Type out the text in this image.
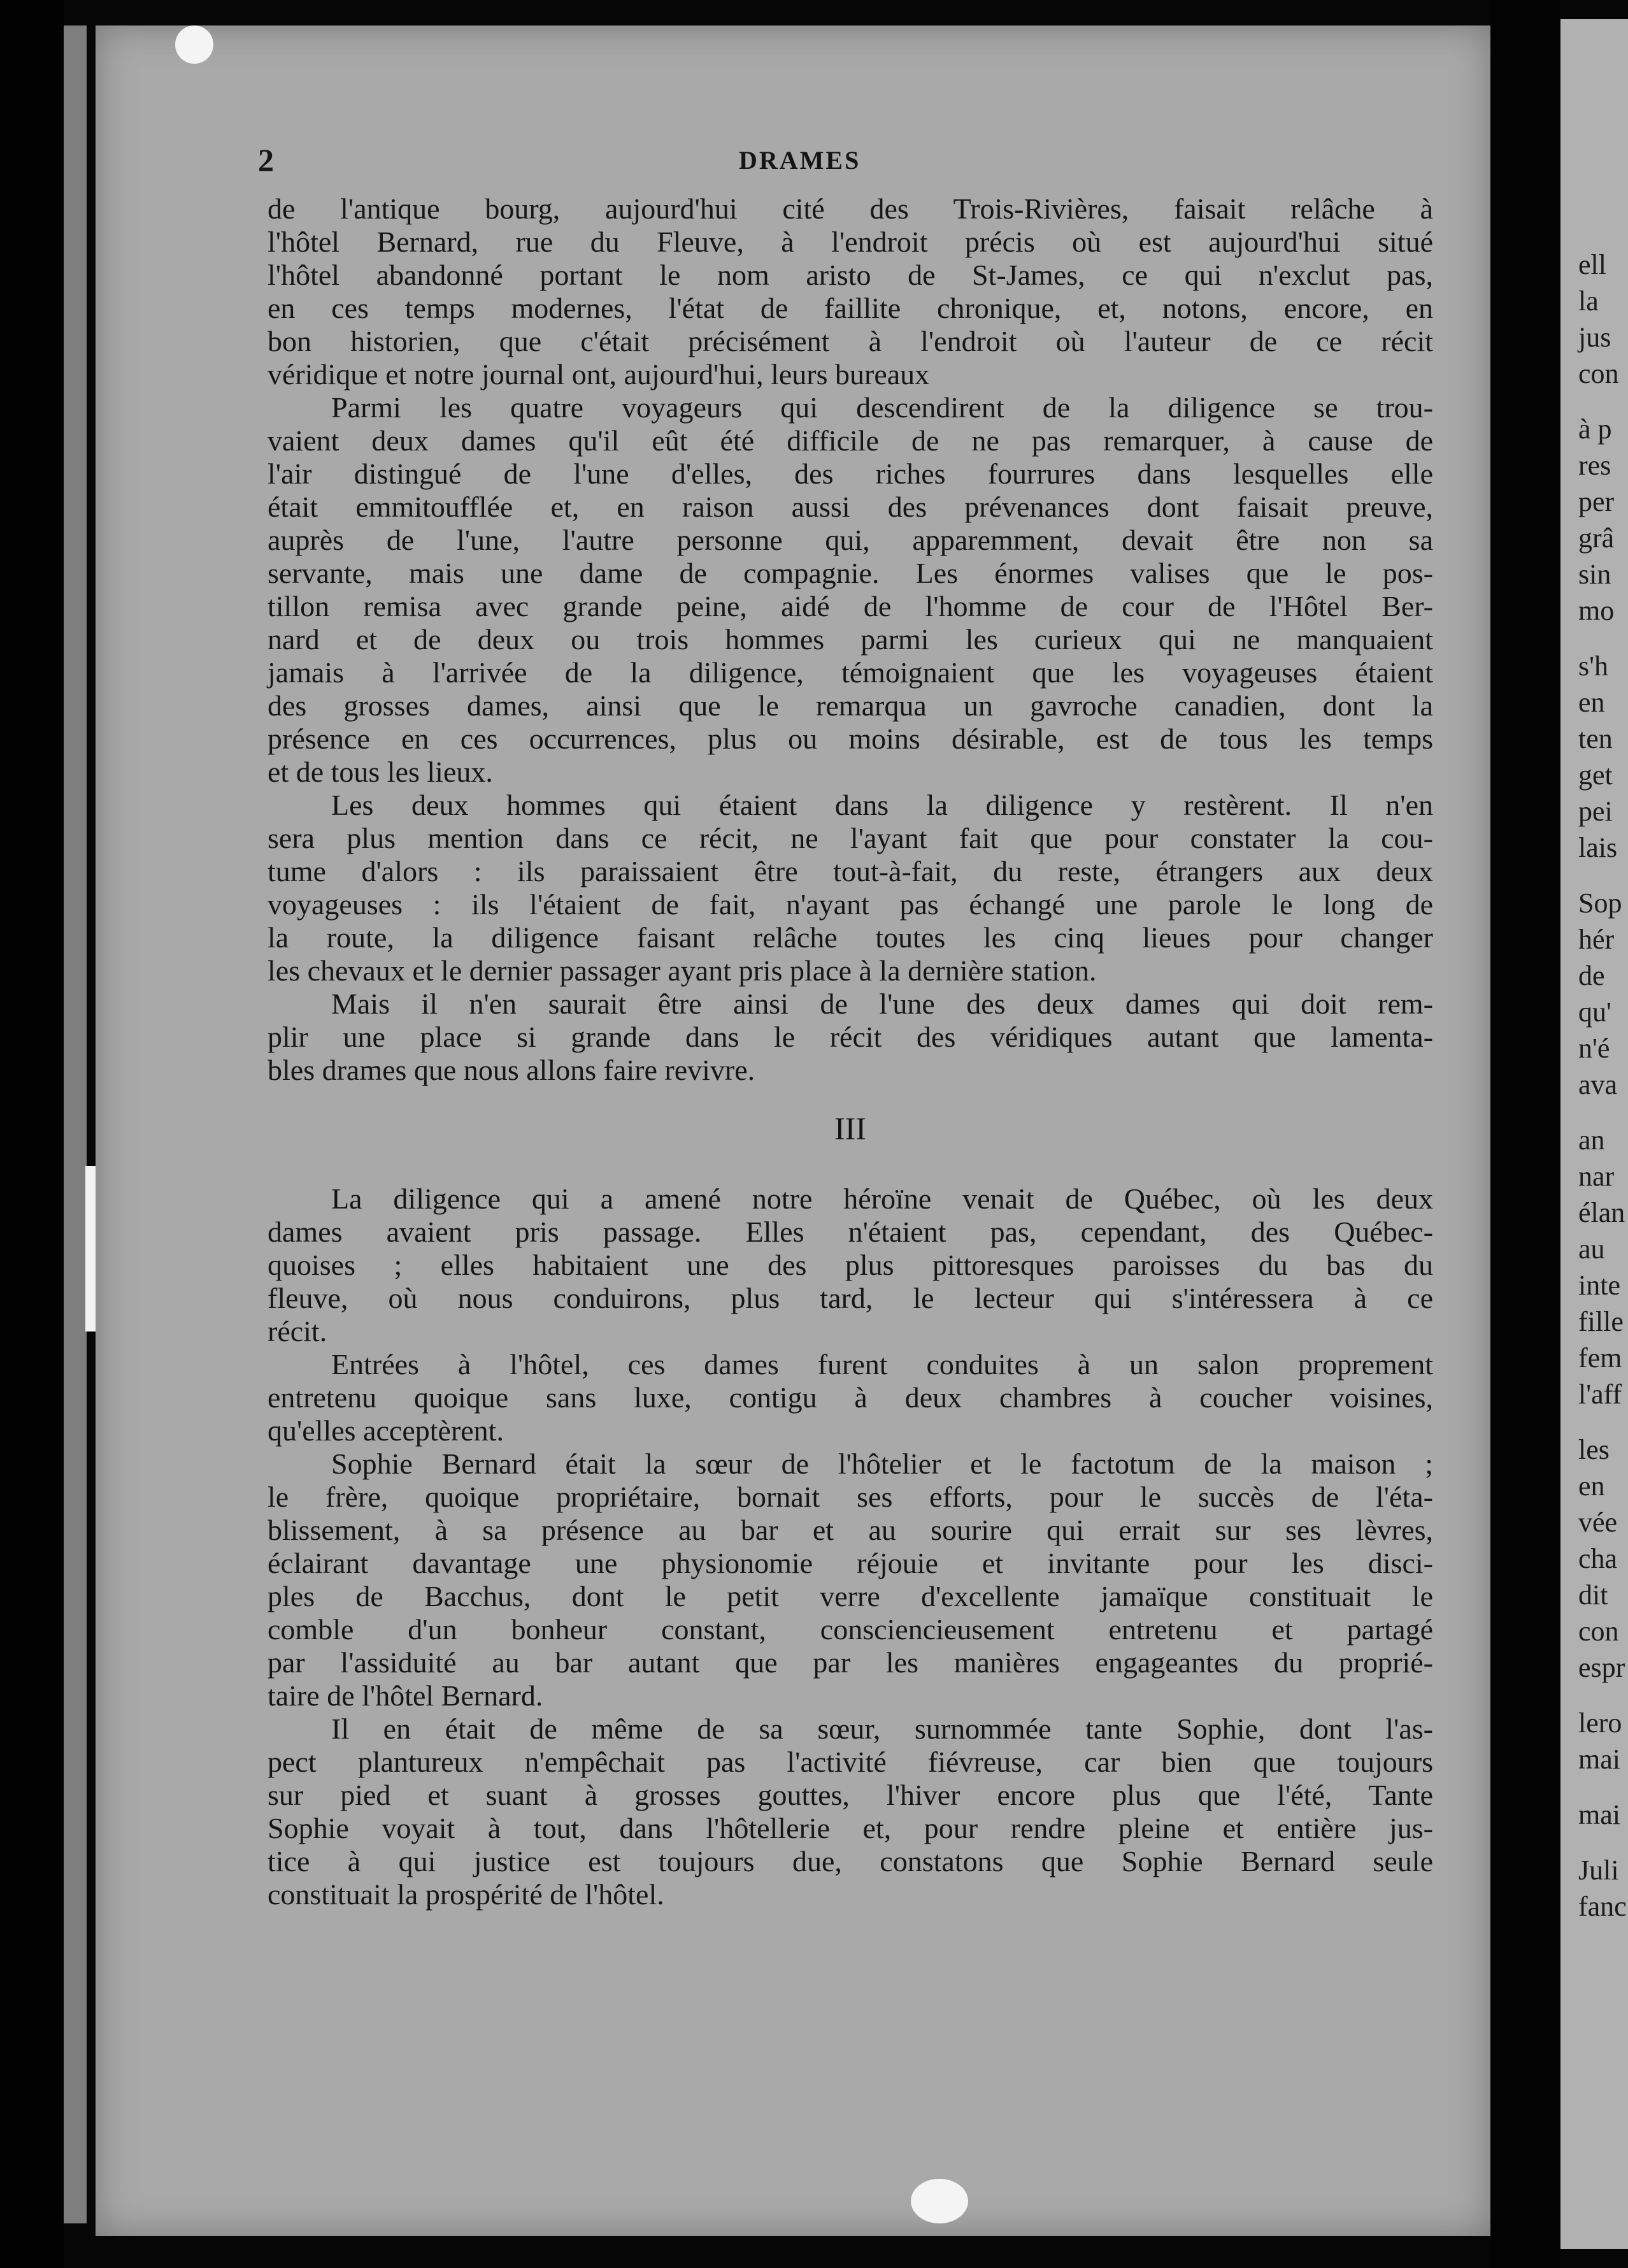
2	DRAMES
de l'antique bourg, aujourd'hui cité des Trois-Rivières, faisait relâche à
l'hôtel Bernard, rue du Fleuve, à l'endroit précis où est aujourd'hui situé
l'hôtel abandonné portant le nom aristo de St-James, ce qui n'exclut pas,
en ces temps modernes, l'état de faillite chronique, et, notons, encore, en
bon historien, que c'était précisément à l'endroit où l'auteur de ce récit
véridique et notre journal ont, aujourd'hui, leurs bureaux
Parmi les quatre voyageurs qui descendirent de la diligence se trou-
vaient deux dames qu'il eût été difficile de ne pas remarquer, à cause de
l'air distingué de l'une d'elles, des riches fourrures dans lesquelles elle
était emmitoufflée et, en raison aussi des prévenances dont faisait preuve,
auprès de l'une, l'autre personne qui, apparemment, devait être non sa
servante, mais une dame de compagnie. Les énormes valises que le pos-
tillon remisa avec grande peine, aidé de l'homme de cour de l'Hôtel Ber-
nard et de deux ou trois hommes parmi les curieux qui ne manquaient
jamais à l'arrivée de la diligence, témoignaient que les voyageuses étaient
des grosses dames, ainsi que le remarqua un gavroche canadien, dont la
présence en ces occurrences, plus ou moins désirable, est de tous les temps
et de tous les lieux.
Les deux hommes qui étaient dans la diligence y restèrent. Il n'en
sera plus mention dans ce récit, ne l'ayant fait que pour constater la cou-
tume d'alors : ils paraissaient être tout-à-fait, du reste, étrangers aux deux
voyageuses : ils l'étaient de fait, n'ayant pas échangé une parole le long de
la route, la diligence faisant relâche toutes les cinq lieues pour changer
les chevaux et le dernier passager ayant pris place à la dernière station.
Mais il n'en saurait être ainsi de l'une des deux dames qui doit rem-
plir une place si grande dans le récit des véridiques autant que lamenta-
bles drames que nous allons faire revivre.
III
La diligence qui a amené notre héroïne venait de Québec, où les deux
dames avaient pris passage. Elles n'étaient pas, cependant, des Québec-
quoises ; elles habitaient une des plus pittoresques paroisses du bas du
fleuve, où nous conduirons, plus tard, le lecteur qui s'intéressera à ce
récit.
Entrées à l'hôtel, ces dames furent conduites à un salon proprement
entretenu quoique sans luxe, contigu à deux chambres à coucher voisines,
qu'elles acceptèrent.
Sophie Bernard était la sœur de l'hôtelier et le factotum de la maison ;
le frère, quoique propriétaire, bornait ses efforts, pour le succès de l'éta-
blissement, à sa présence au bar et au sourire qui errait sur ses lèvres,
éclairant davantage une physionomie réjouie et invitante pour les disci-
ples de Bacchus, dont le petit verre d'excellente jamaïque constituait le
comble d'un bonheur constant, consciencieusement entretenu et partagé
par l'assiduité au bar autant que par les manières engageantes du proprié-
taire de l'hôtel Bernard.
Il en était de même de sa sœur, surnommée tante Sophie, dont l'as-
pect plantureux n'empêchait pas l'activité fiévreuse, car bien que toujours
sur pied et suant à grosses gouttes, l'hiver encore plus que l'été, Tante
Sophie voyait à tout, dans l'hôtellerie et, pour rendre pleine et entière jus-
tice à qui justice est toujours due, constatons que Sophie Bernard seule
constituait la prospérité de l'hôtel.
ell
la
jus
con
à p
res
per
grâ
sin
mo
s'h
en
ten
get
pei
lais
Sop
hér
de
qu'
n'é
ava
an
nar
élan
au
inte
fille
fem
l'aff
les
en
vée
cha
dit
con
espr
lero
mai
mai
Juli
fanc
